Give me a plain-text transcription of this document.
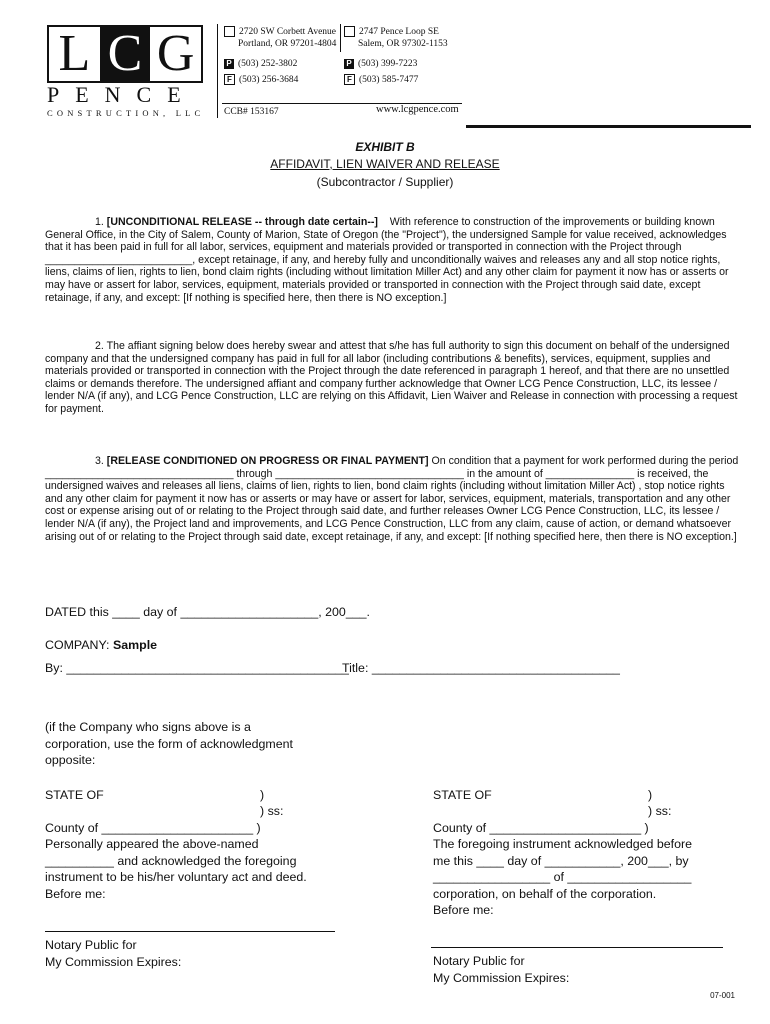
L C G
PENCE
CONSTRUCTION, LLC
2720 SW Corbett Avenue
Portland, OR 97201-4804
2747 Pence Loop SE
Salem, OR 97302-1153
P (503) 252-3802
F (503) 256-3684
P (503) 399-7223
F (503) 585-7477
CCB# 153167	www.lcgpence.com
EXHIBIT B
AFFIDAVIT, LIEN WAIVER AND RELEASE
(Subcontractor / Supplier)

1. [UNCONDITIONAL RELEASE -- through date certain--] With reference to construction of the improvements or building known General Office, in the City of Salem, County of Marion, State of Oregon (the "Project"), the undersigned Sample for value received, acknowledges that it has been paid in full for all labor, services, equipment and materials provided or transported in connection with the Project through _________________________, except retainage, if any, and hereby fully and unconditionally waives and releases any and all stop notice rights, liens, claims of lien, rights to lien, bond claim rights (including without limitation Miller Act) and any other claim for payment it now has or asserts or may have or assert for labor, services, equipment, materials provided or transported in connection with the Project through said date, except retainage, if any, and except: [If nothing is specified here, then there is NO exception.]

2. The affiant signing below does hereby swear and attest that s/he has full authority to sign this document on behalf of the undersigned company and that the undersigned company has paid in full for all labor (including contributions & benefits), services, equipment, supplies and materials provided or transported in connection with the Project through the date referenced in paragraph 1 hereof, and that there are no unsettled claims or demands therefore. The undersigned affiant and company further acknowledge that Owner LCG Pence Construction, LLC, its lessee / lender N/A (if any), and LCG Pence Construction, LLC are relying on this Affidavit, Lien Waiver and Release in connection with processing a request for payment.

3. [RELEASE CONDITIONED ON PROGRESS OR FINAL PAYMENT] On condition that a payment for work performed during the period ________________________________ through ________________________________ in the amount of _______________ is received, the undersigned waives and releases all liens, claims of lien, rights to lien, bond claim rights (including without limitation Miller Act) , stop notice rights and any other claim for payment it now has or asserts or may have or assert for labor, services, equipment, materials, transportation and any other cost or expense arising out of or relating to the Project through said date, and further releases Owner LCG Pence Construction, LLC, its lessee / lender N/A (if any), the Project land and improvements, and LCG Pence Construction, LLC from any claim, cause of action, or demand whatsoever arising out of or relating to the Project through said date, except retainage, if any, and except: [If nothing specified here, then there is NO exception.]

DATED this ____ day of ____________________, 200___.
COMPANY: Sample
By: _________________________________________
Title: ____________________________________
(if the Company who signs above is a corporation, use the form of acknowledgment opposite:
STATE OF	)
) ss:
County of ______________________ )
Personally appeared the above-named
__________ and acknowledged the foregoing
instrument to be his/her voluntary act and deed.
Before me:
Notary Public for
My Commission Expires:
STATE OF	)
) ss:
County of ______________________ )
The foregoing instrument acknowledged before
me this ____ day of ___________, 200___, by
_________________ of __________________
corporation, on behalf of the corporation.
Before me:
Notary Public for
My Commission Expires:
07-001
